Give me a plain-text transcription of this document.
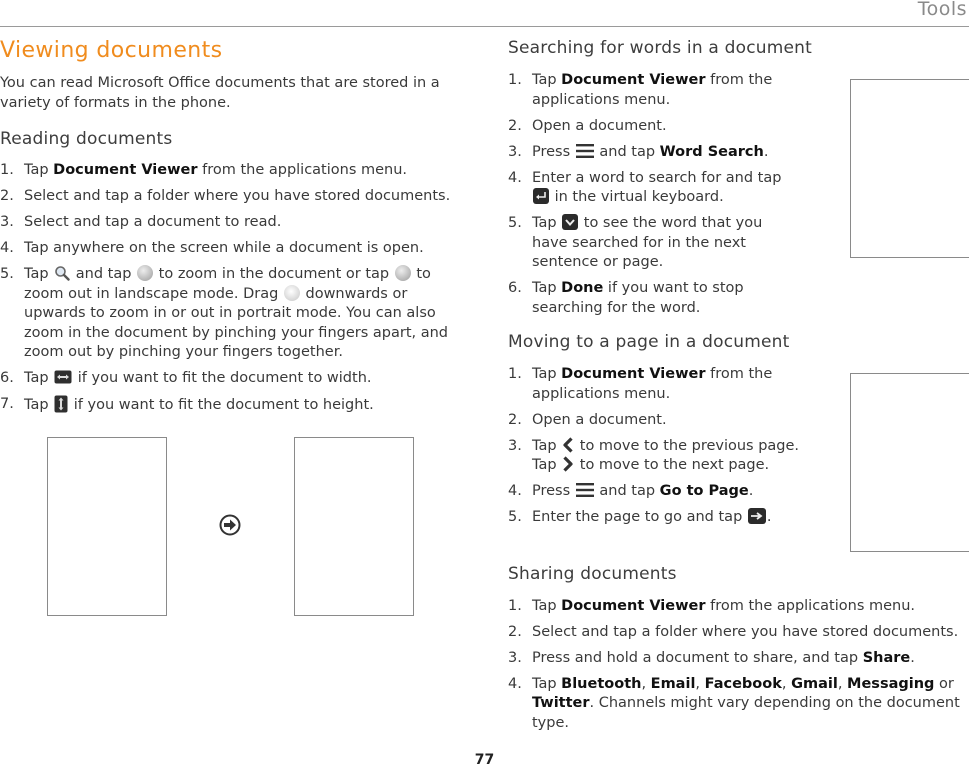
Tools
Viewing documents
You can read Microsoft Office documents that are stored in a variety of formats in the phone.
Reading documents
1. Tap Document Viewer from the applications menu.
2. Select and tap a folder where you have stored documents.
3. Select and tap a document to read.
4. Tap anywhere on the screen while a document is open.
5. Tap  and tap  to zoom in the document or tap  to zoom out in landscape mode. Drag  downwards or upwards to zoom in or out in portrait mode. You can also zoom in the document by pinching your fingers apart, and zoom out by pinching your fingers together.
6. Tap  if you want to fit the document to width.
7. Tap  if you want to fit the document to height.
Searching for words in a document
1. Tap Document Viewer from the applications menu.
2. Open a document.
3. Press  and tap Word Search.
4. Enter a word to search for and tap  in the virtual keyboard.
5. Tap  to see the word that you have searched for in the next sentence or page.
6. Tap Done if you want to stop searching for the word.
Moving to a page in a document
1. Tap Document Viewer from the applications menu.
2. Open a document.
3. Tap  to move to the previous page.
Tap  to move to the next page.
4. Press  and tap Go to Page.
5. Enter the page to go and tap .
Sharing documents
1. Tap Document Viewer from the applications menu.
2. Select and tap a folder where you have stored documents.
3. Press and hold a document to share, and tap Share.
4. Tap Bluetooth, Email, Facebook, Gmail, Messaging or Twitter. Channels might vary depending on the document type.
77
